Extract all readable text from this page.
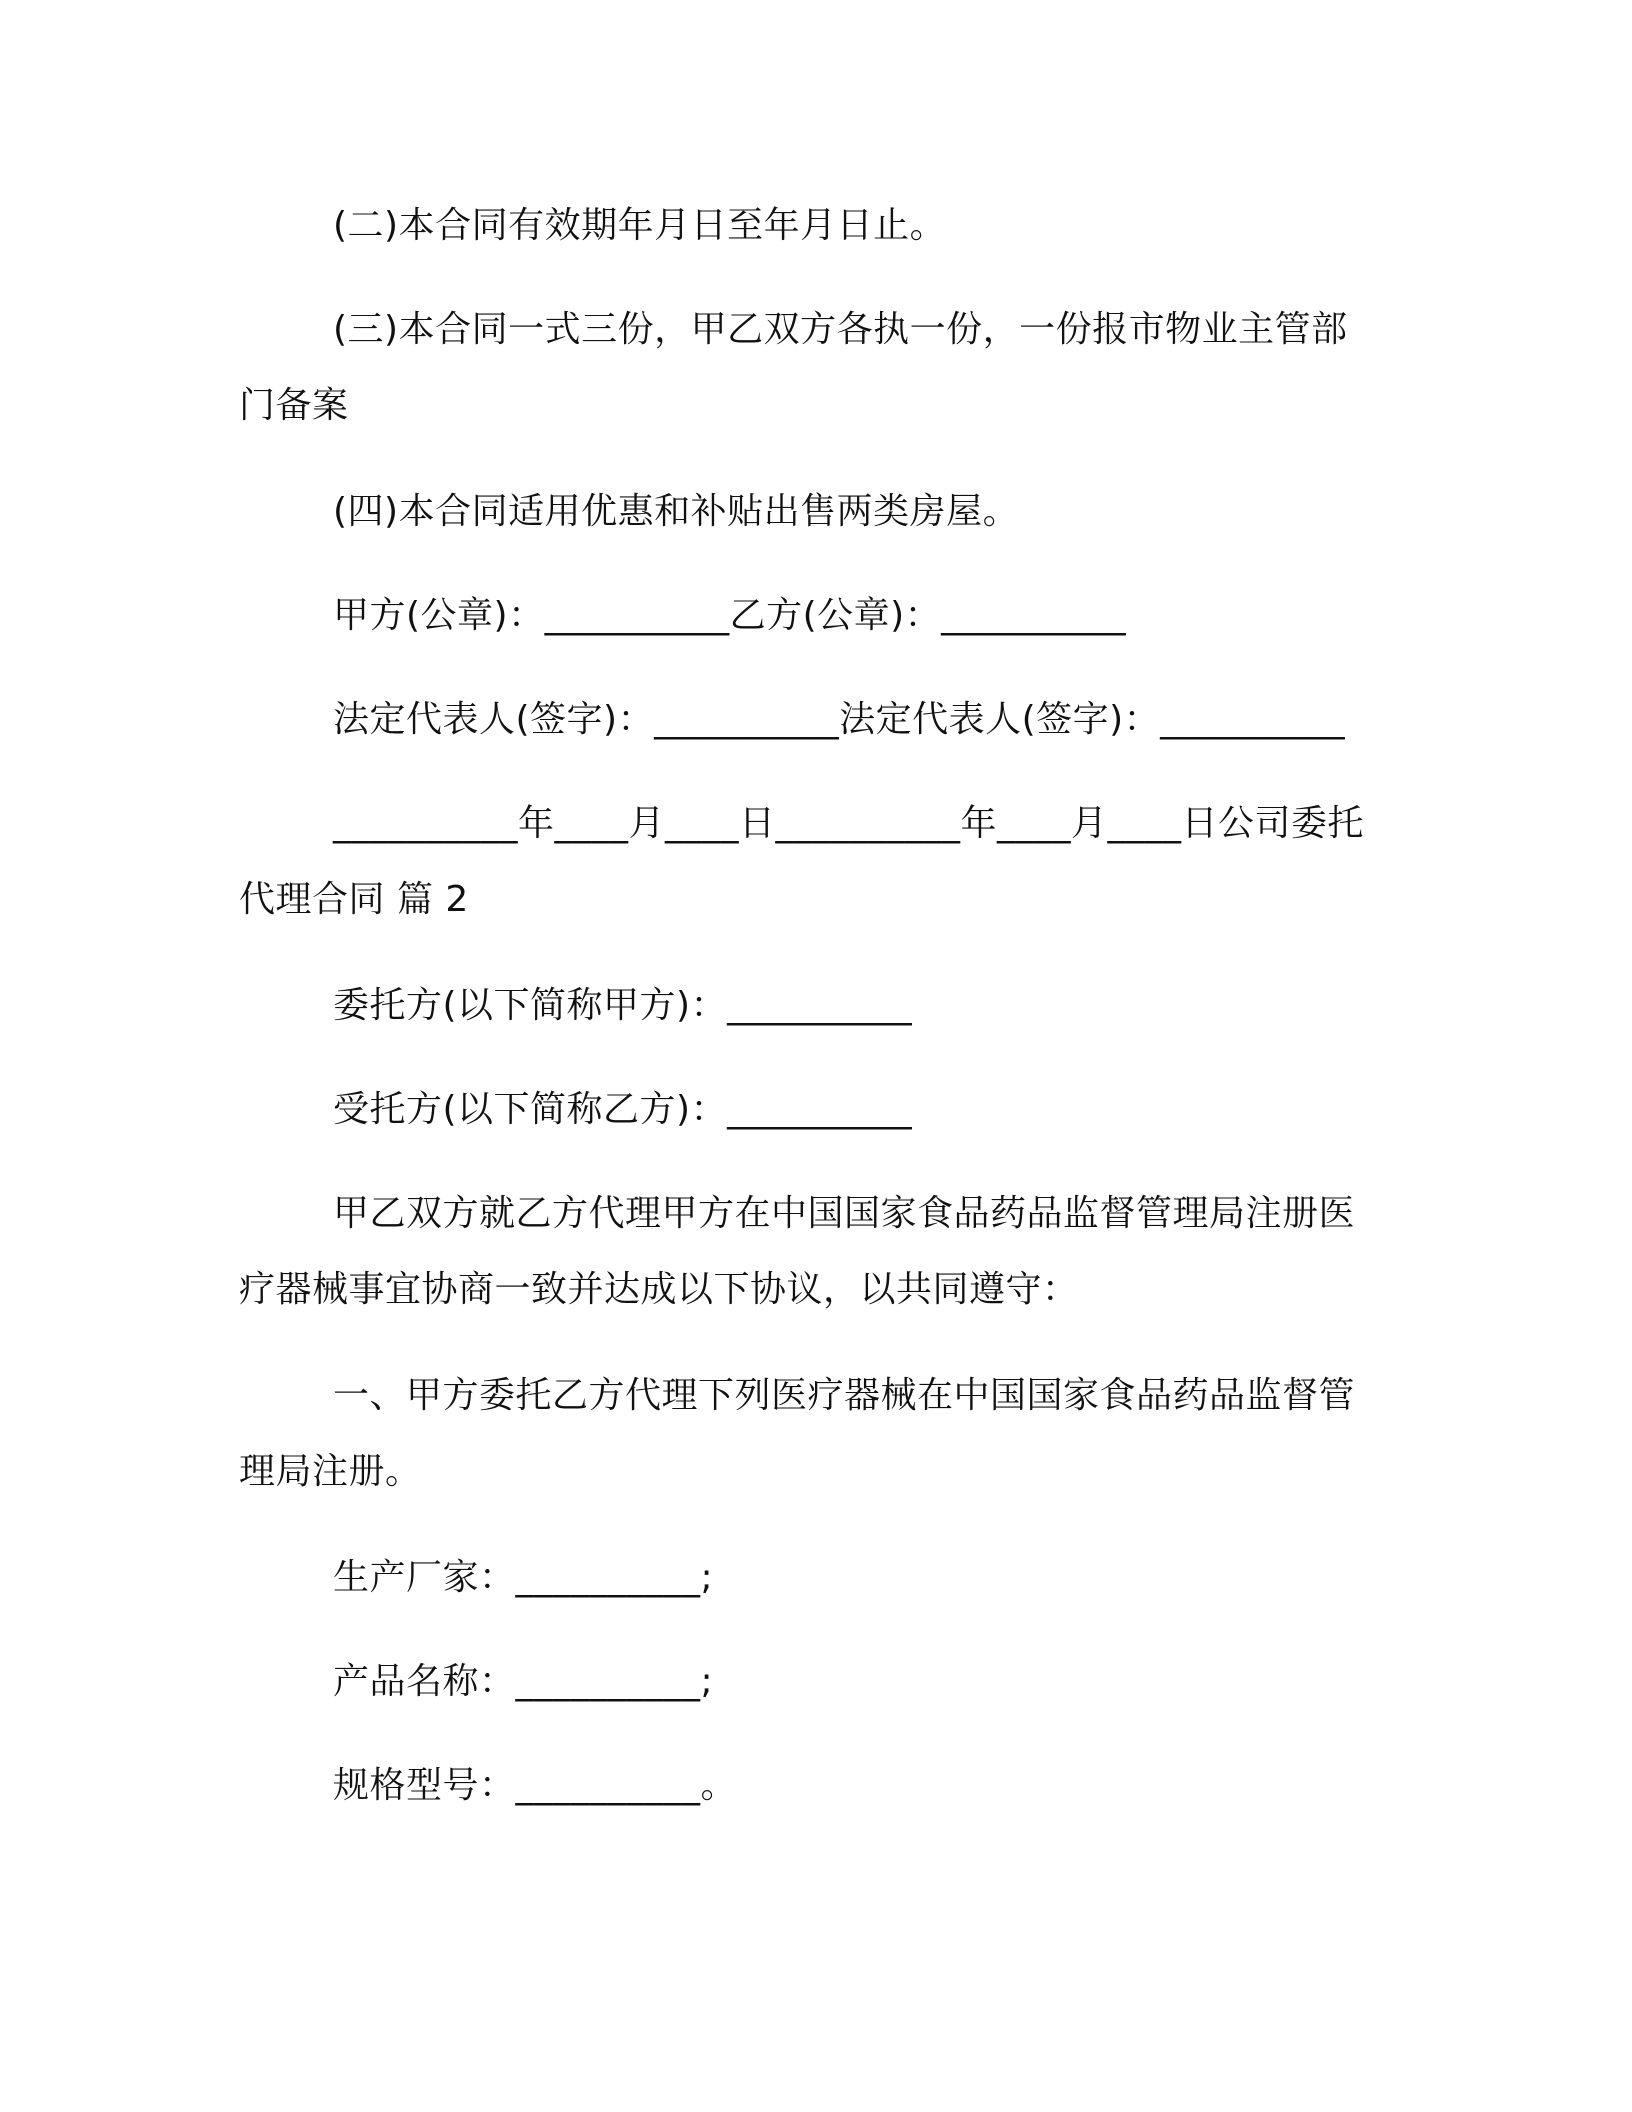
(二)本合同有效期年月日至年月日止。

(三)本合同一式三份，甲乙双方各执一份，一份报市物业主管部门备案

(四)本合同适用优惠和补贴出售两类房屋。

甲方(公章)：__________乙方(公章)：__________

法定代表人(签字)：__________法定代表人(签字)：__________

__________年____月____日__________年____月____日公司委托代理合同 篇 2

委托方(以下简称甲方)：__________

受托方(以下简称乙方)：__________

甲乙双方就乙方代理甲方在中国国家食品药品监督管理局注册医疗器械事宜协商一致并达成以下协议，以共同遵守：

一、甲方委托乙方代理下列医疗器械在中国国家食品药品监督管理局注册。

生产厂家：__________;

产品名称：__________;

规格型号：__________。
